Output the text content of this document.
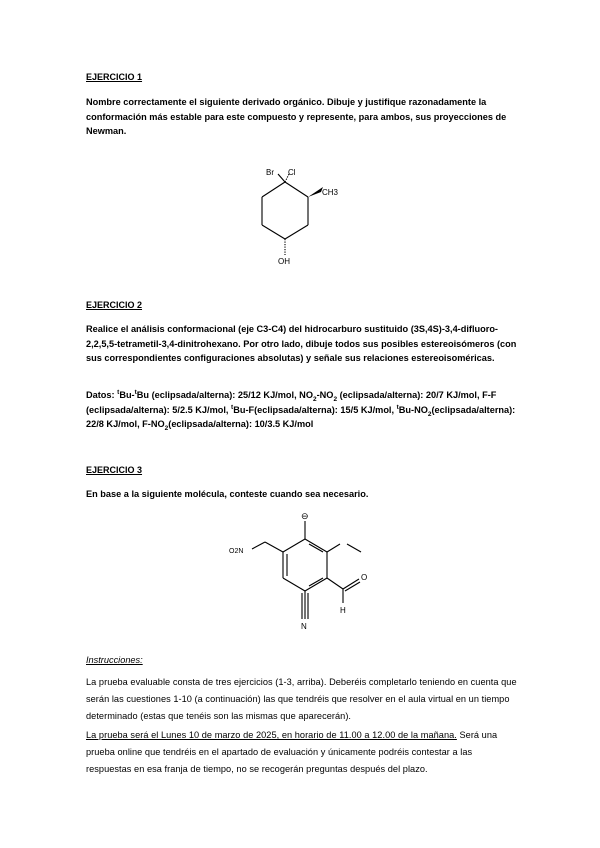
EJERCICIO 1
Nombre correctamente el siguiente derivado orgánico. Dibuje y justifique razonadamente la conformación más estable para este compuesto y represente, para ambos, sus proyecciones de Newman.
Br Cl
CH3
OH
EJERCICIO 2
Realice el análisis conformacional (eje C3-C4) del hidrocarburo sustituido (3S,4S)-3,4-difluoro-2,2,5,5-tetrametil-3,4-dinitrohexano. Por otro lado, dibuje todos sus posibles estereoisómeros (con sus correspondientes configuraciones absolutas) y señale sus relaciones estereoisoméricas.
Datos: $^t$Bu-$^t$Bu (eclipsada/alterna): 25/12 KJ/mol, $NO_2-NO_2$ (eclipsada/alterna): 20/7 KJ/mol, F-F (eclipsada/alterna): 5/2.5 KJ/mol, $^t$Bu-F(eclipsada/alterna): 15/5 KJ/mol, $^tBu-NO_2(eclipsada/alterna)$: 22/8 KJ/mol, $F-NO_2(eclipsada/alterna)$: 10/3.5 KJ/mol
EJERCICIO 3
En base a la siguiente molécula, conteste cuando sea necesario.
⊖
O2N
O
H
N
Instrucciones:
La prueba evaluable consta de tres ejercicios (1-3, arriba). Deberéis completarlo teniendo en cuenta que serán las cuestiones 1-10 (a continuación) las que tendréis que resolver en el aula virtual en un tiempo determinado (estas que tenéis son las mismas que aparecerán).
La prueba será el Lunes 10 de marzo de 2025, en horario de 11.00 a 12.00 de la mañana. Será una prueba online que tendréis en el apartado de evaluación y únicamente podréis contestar a las respuestas en esa franja de tiempo, no se recogerán preguntas después del plazo.
